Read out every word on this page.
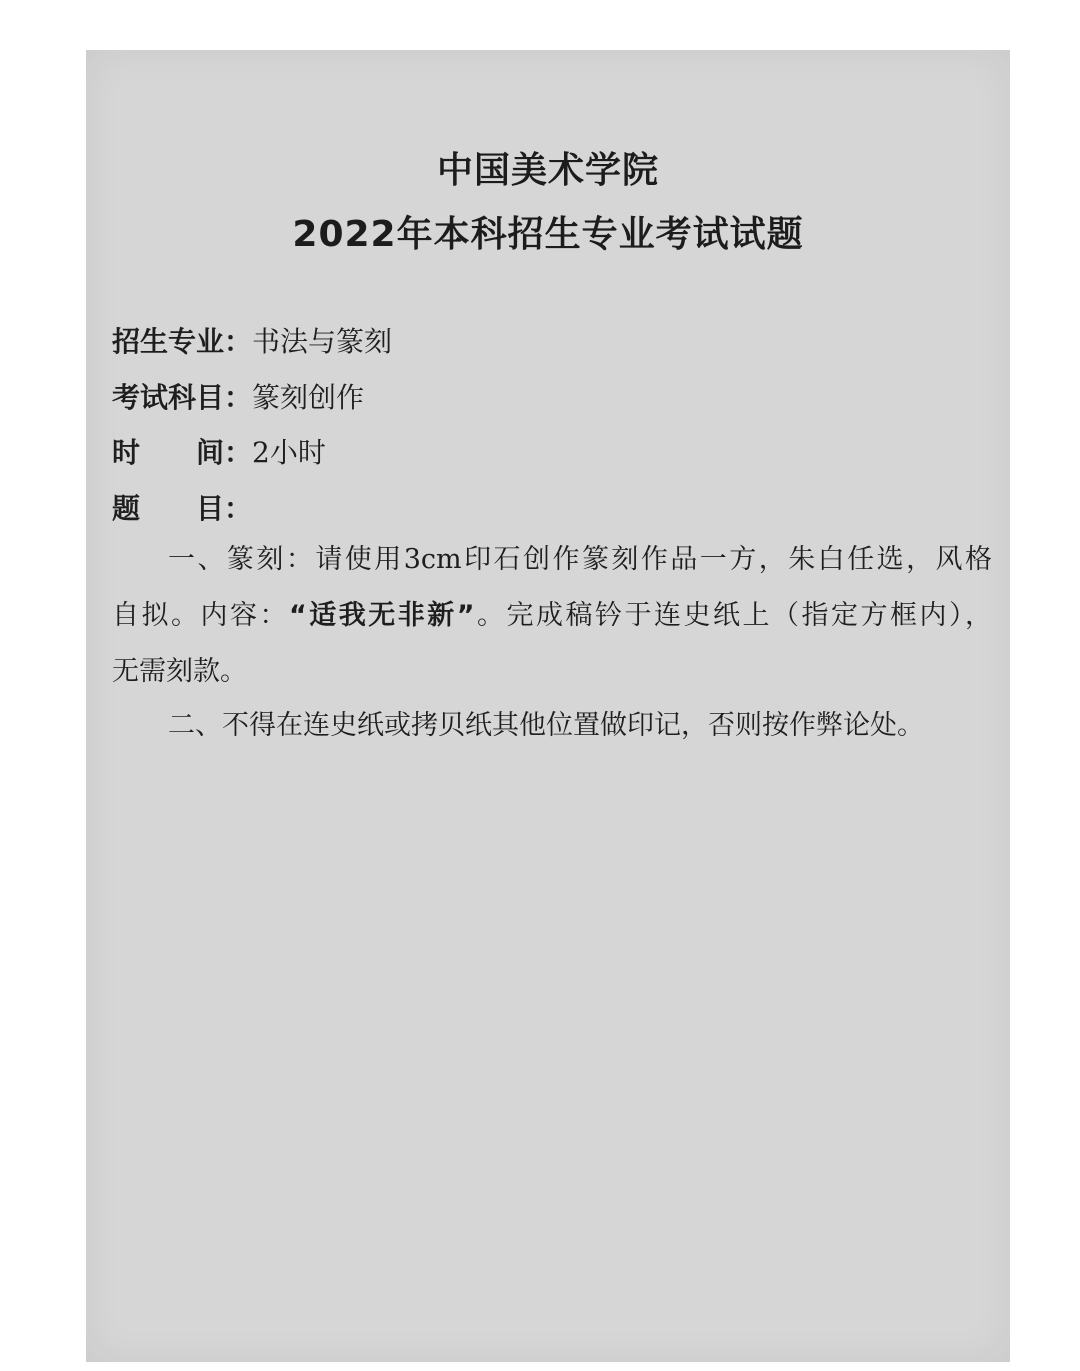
中国美术学院
2022年本科招生专业考试试题
招生专业：书法与篆刻
考试科目：篆刻创作
时　　间：2小时
题　　目：
一、篆刻：请使用3cm印石创作篆刻作品一方，朱白任选，风格
自拟。内容：“适我无非新”。完成稿钤于连史纸上（指定方框内），
无需刻款。
二、不得在连史纸或拷贝纸其他位置做印记，否则按作弊论处。
